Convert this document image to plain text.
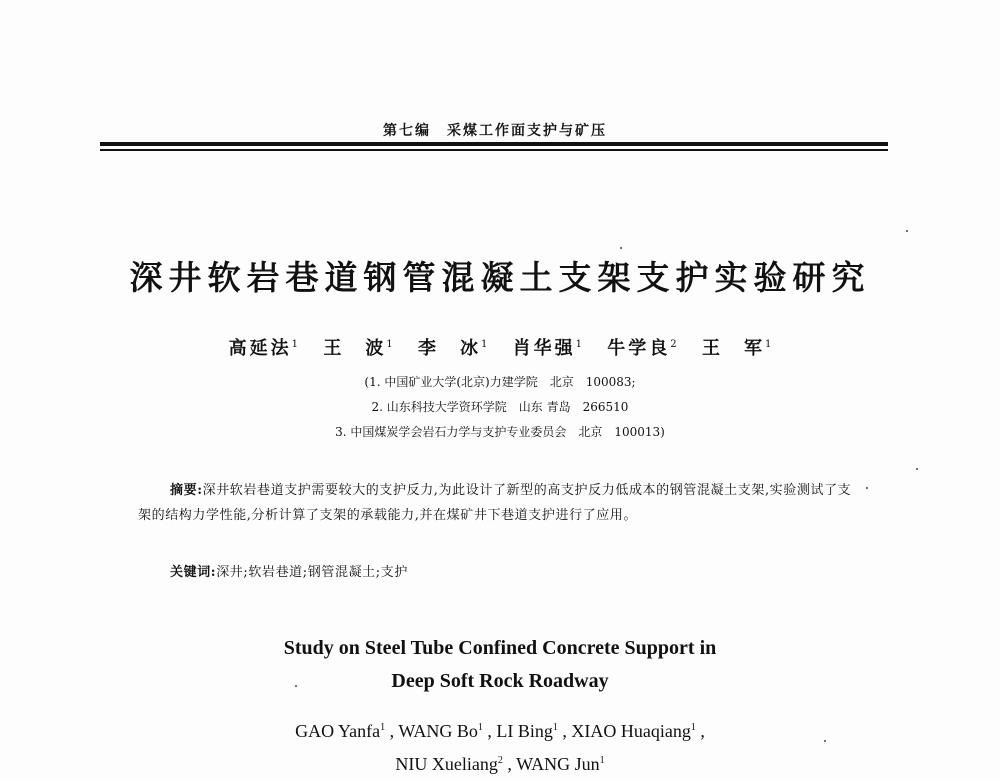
第七编　采煤工作面支护与矿压
深井软岩巷道钢管混凝土支架支护实验研究
高延法$^1$ 王　波$^1$ 李　冰$^1$ 肖华强$^1$ 牛学良$^2$ 王　军$^1$
(1. 中国矿业大学(北京)力建学院　北京　100083;
2. 山东科技大学资环学院　山东 青岛　266510
3. 中国煤炭学会岩石力学与支护专业委员会　北京　100013)
摘要:深井软岩巷道支护需要较大的支护反力,为此设计了新型的高支护反力低成本的钢管混凝土支架,实验测试了支架的结构力学性能,分析计算了支架的承载能力,并在煤矿井下巷道支护进行了应用。
关键词:深井;软岩巷道;钢管混凝土;支护
Study on Steel Tube Confined Concrete Support in
Deep Soft Rock Roadway
GAO Yanfa$^1$ , WANG Bo$^1$ , LI Bing$^1$ , XIAO Huaqiang$^1$ ,
NIU Xueliang$^2$ , WANG Jun$^1$
